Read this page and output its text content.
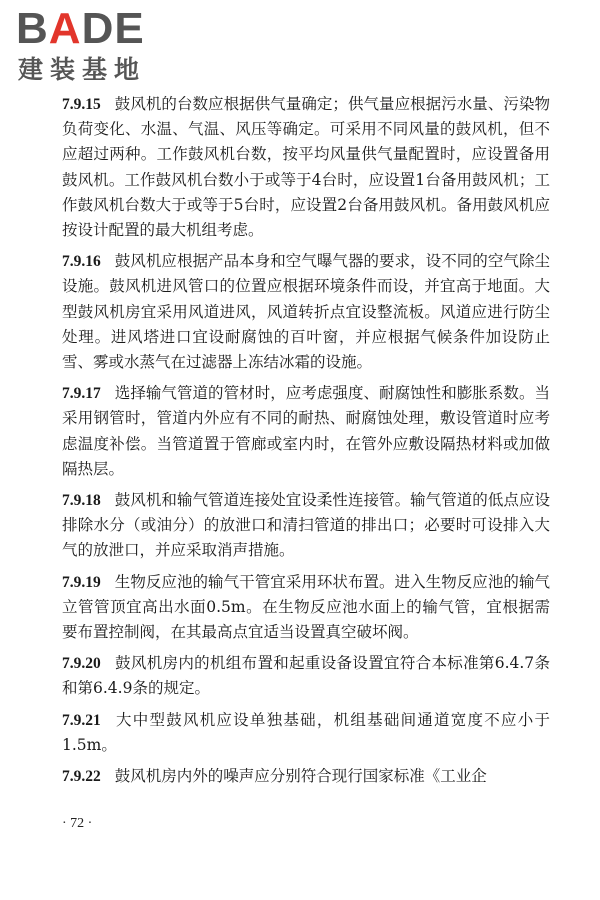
BADE
建装基地

7.9.15 鼓风机的台数应根据供气量确定；供气量应根据污水量、污染物负荷变化、水温、气温、风压等确定。可采用不同风量的鼓风机，但不应超过两种。工作鼓风机台数，按平均风量供气量配置时，应设置备用鼓风机。工作鼓风机台数小于或等于4台时，应设置1台备用鼓风机；工作鼓风机台数大于或等于5台时，应设置2台备用鼓风机。备用鼓风机应按设计配置的最大机组考虑。

7.9.16 鼓风机应根据产品本身和空气曝气器的要求，设不同的空气除尘设施。鼓风机进风管口的位置应根据环境条件而设，并宜高于地面。大型鼓风机房宜采用风道进风，风道转折点宜设整流板。风道应进行防尘处理。进风塔进口宜设耐腐蚀的百叶窗，并应根据气候条件加设防止雪、雾或水蒸气在过滤器上冻结冰霜的设施。

7.9.17 选择输气管道的管材时，应考虑强度、耐腐蚀性和膨胀系数。当采用钢管时，管道内外应有不同的耐热、耐腐蚀处理，敷设管道时应考虑温度补偿。当管道置于管廊或室内时，在管外应敷设隔热材料或加做隔热层。

7.9.18 鼓风机和输气管道连接处宜设柔性连接管。输气管道的低点应设排除水分（或油分）的放泄口和清扫管道的排出口；必要时可设排入大气的放泄口，并应采取消声措施。

7.9.19 生物反应池的输气干管宜采用环状布置。进入生物反应池的输气立管管顶宜高出水面0.5m。在生物反应池水面上的输气管，宜根据需要布置控制阀，在其最高点宜适当设置真空破坏阀。

7.9.20 鼓风机房内的机组布置和起重设备设置宜符合本标准第6.4.7条和第6.4.9条的规定。

7.9.21 大中型鼓风机应设单独基础，机组基础间通道宽度不应小于1.5m。

7.9.22 鼓风机房内外的噪声应分别符合现行国家标准《工业企

· 72 ·
